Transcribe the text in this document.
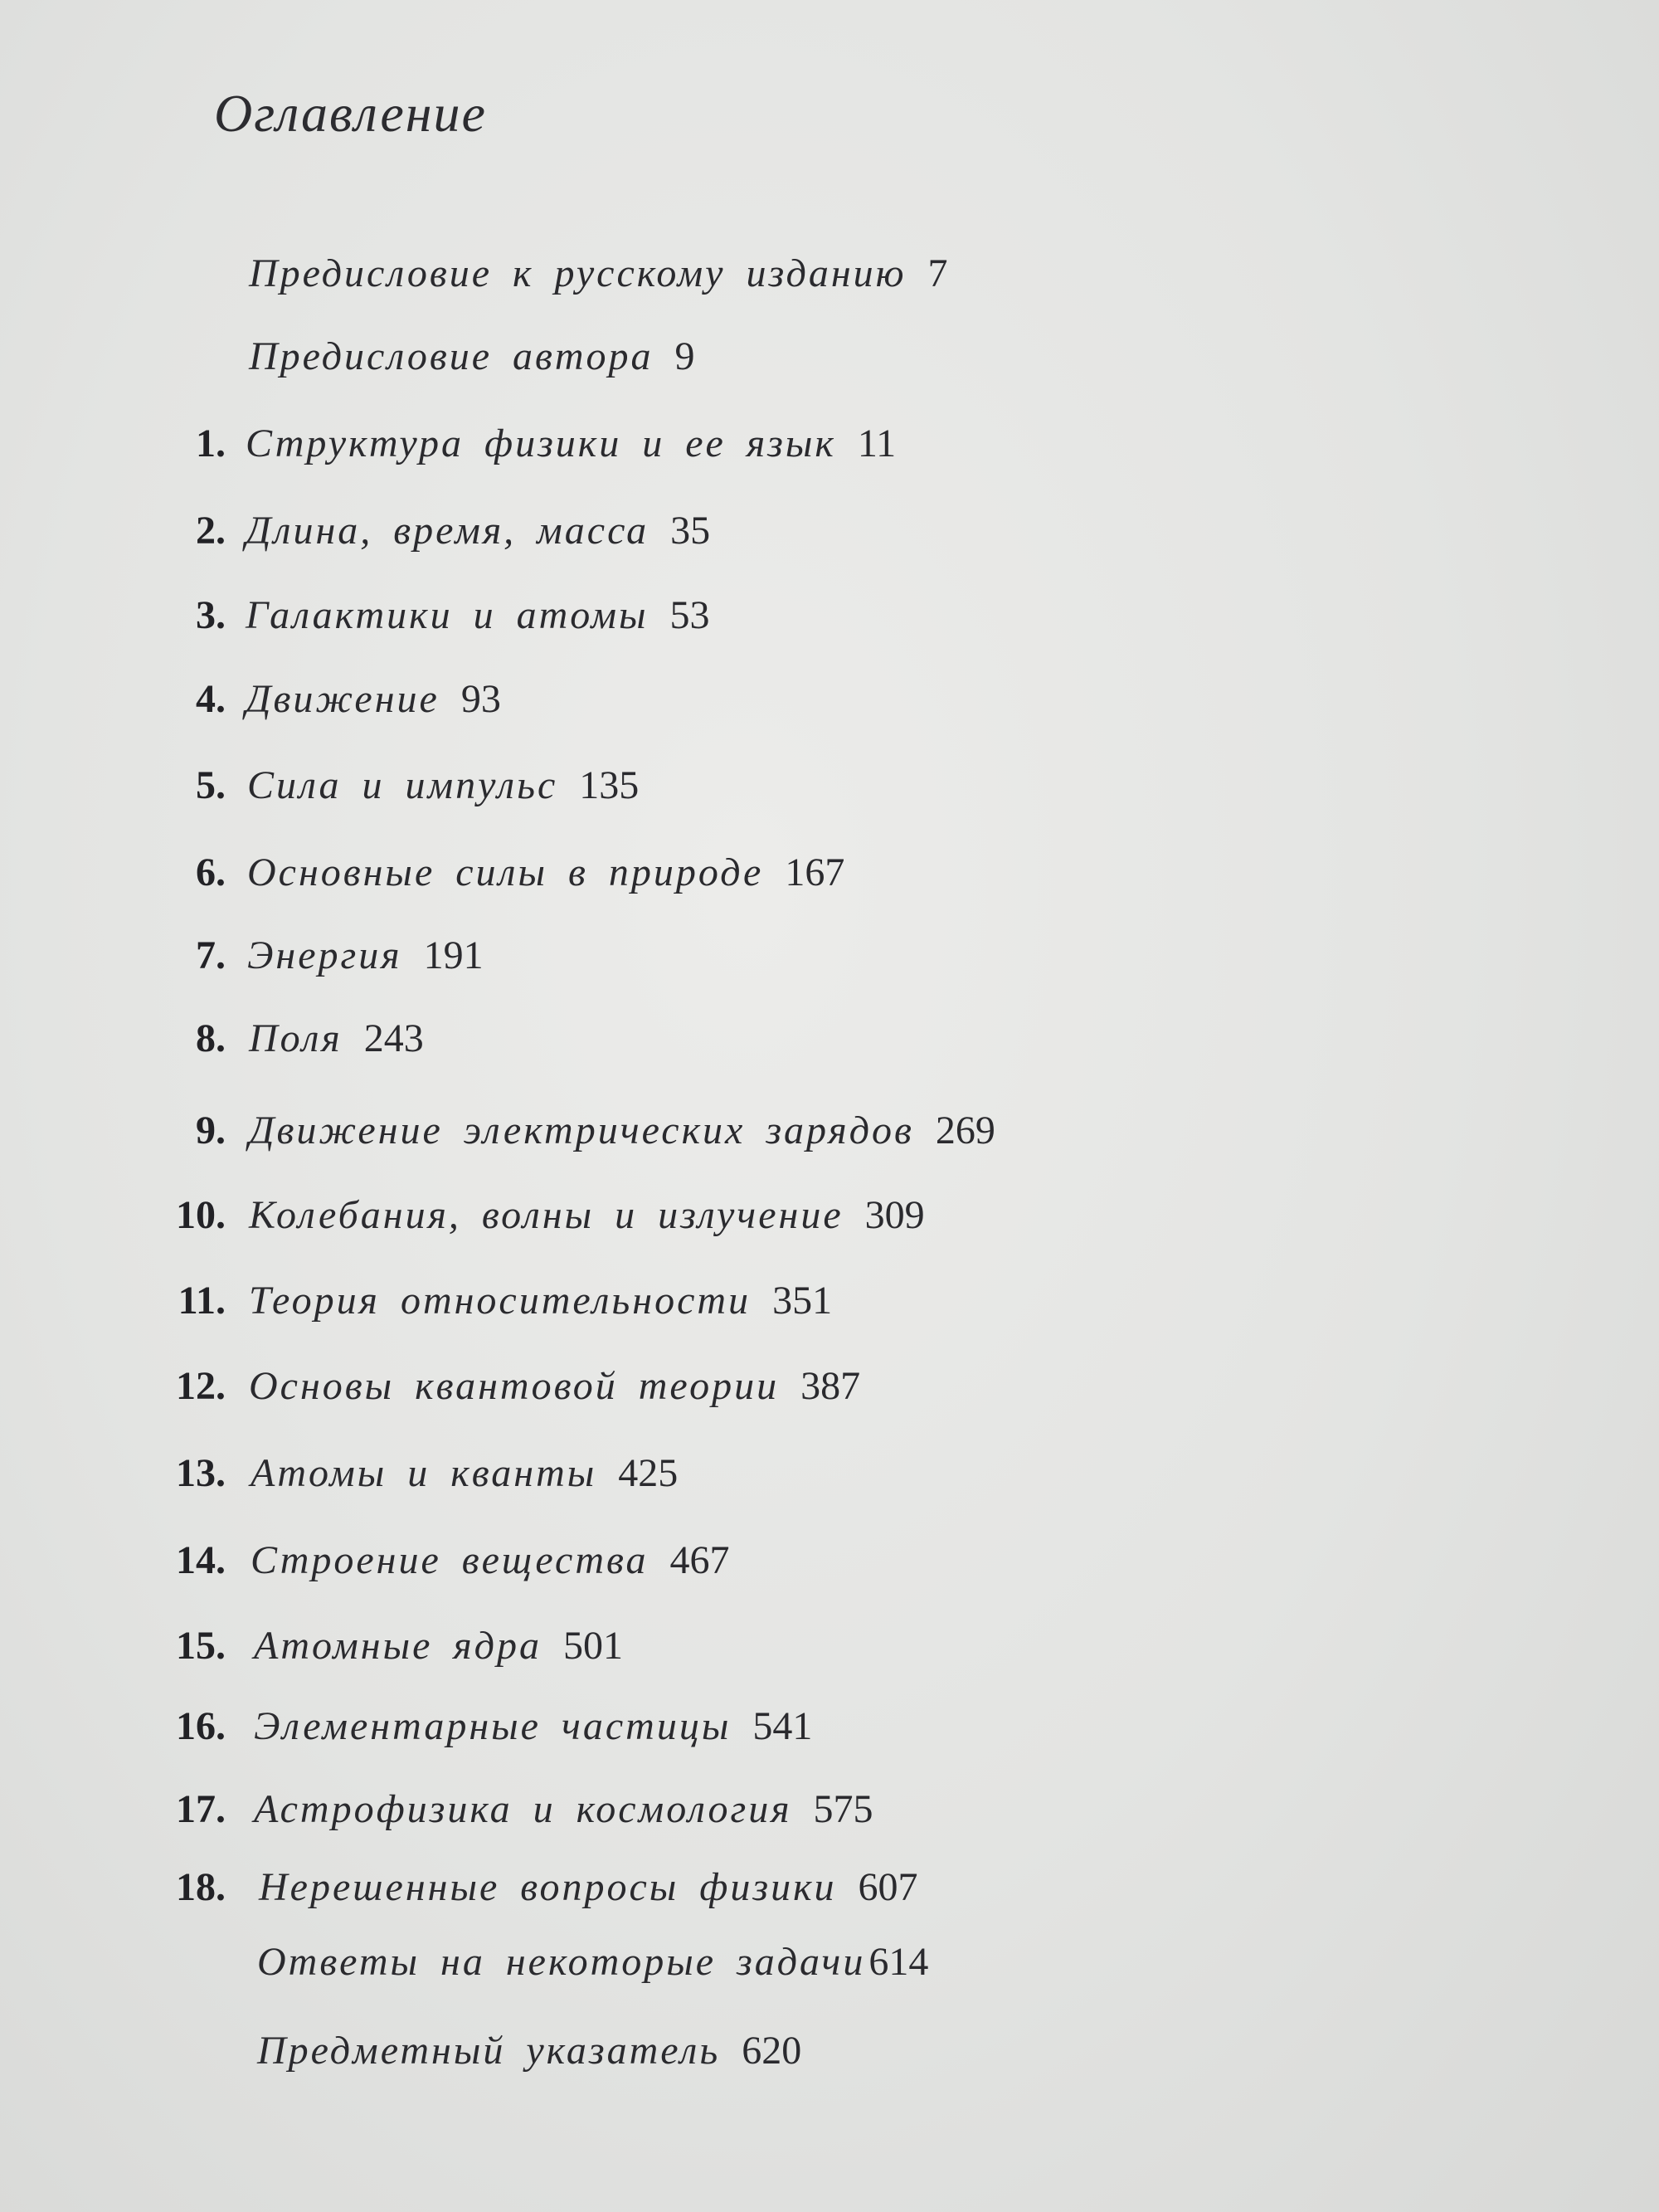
Оглавление
Предисловие к русскому изданию 7
Предисловие автора 9
1. Структура физики и ее язык 11
2. Длина, время, масса 35
3. Галактики и атомы 53
4. Движение 93
5. Сила и импульс 135
6. Основные силы в природе 167
7. Энергия 191
8. Поля 243
9. Движение электрических зарядов 269
10. Колебания, волны и излучение 309
11. Теория относительности 351
12. Основы квантовой теории 387
13. Атомы и кванты 425
14. Строение вещества 467
15. Атомные ядра 501
16. Элементарные частицы 541
17. Астрофизика и космология 575
18. Нерешенные вопросы физики 607
Ответы на некоторые задачи614
Предметный указатель 620
